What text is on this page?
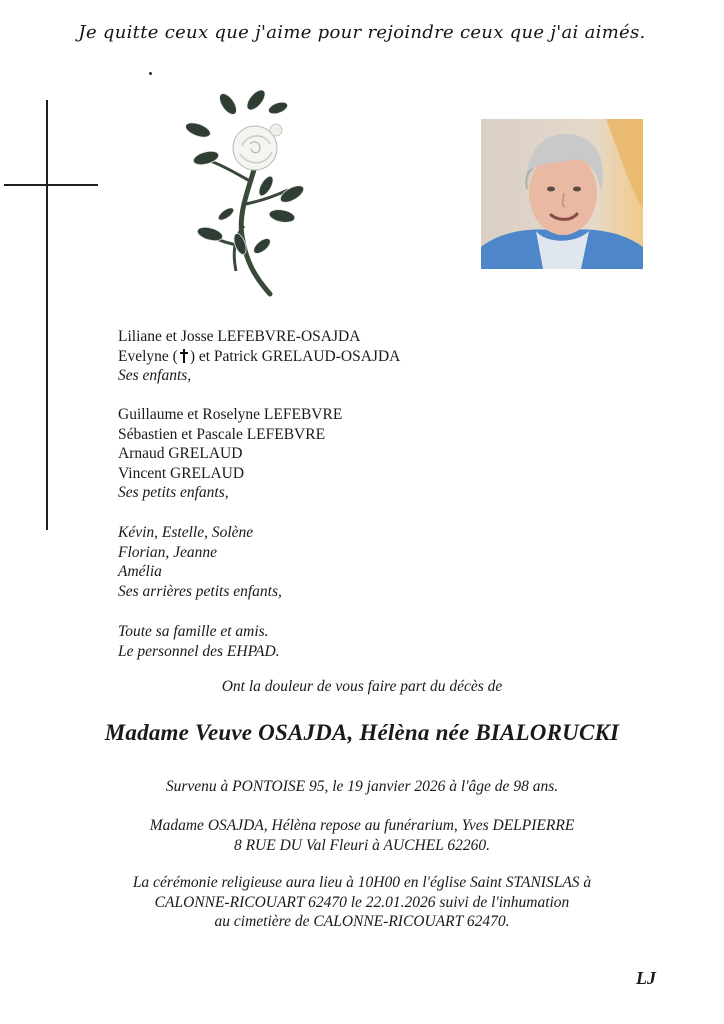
Je quitte ceux que j'aime pour rejoindre ceux que j'ai aimés.
Liliane et Josse LEFEBVRE-OSAJDA
Evelyne ( ) et Patrick GRELAUD-OSAJDA
Ses enfants,
Guillaume et Roselyne LEFEBVRE
Sébastien et Pascale LEFEBVRE
Arnaud GRELAUD
Vincent GRELAUD
Ses petits enfants,
Kévin, Estelle, Solène
Florian, Jeanne
Amélia
Ses arrières petits enfants,
Toute sa famille et amis.
Le personnel des EHPAD.
Ont la douleur de vous faire part du décès de
Madame Veuve OSAJDA, Hélèna née BIALORUCKI
Survenu à PONTOISE 95, le 19 janvier 2026 à l'âge de 98 ans.
Madame OSAJDA, Hélèna repose au funérarium, Yves DELPIERRE
8 RUE DU Val Fleuri à AUCHEL 62260.
La cérémonie religieuse aura lieu à 10H00 en l'église Saint STANISLAS à
CALONNE-RICOUART 62470 le 22.01.2026 suivi de l'inhumation
au cimetière de CALONNE-RICOUART 62470.
LJ
